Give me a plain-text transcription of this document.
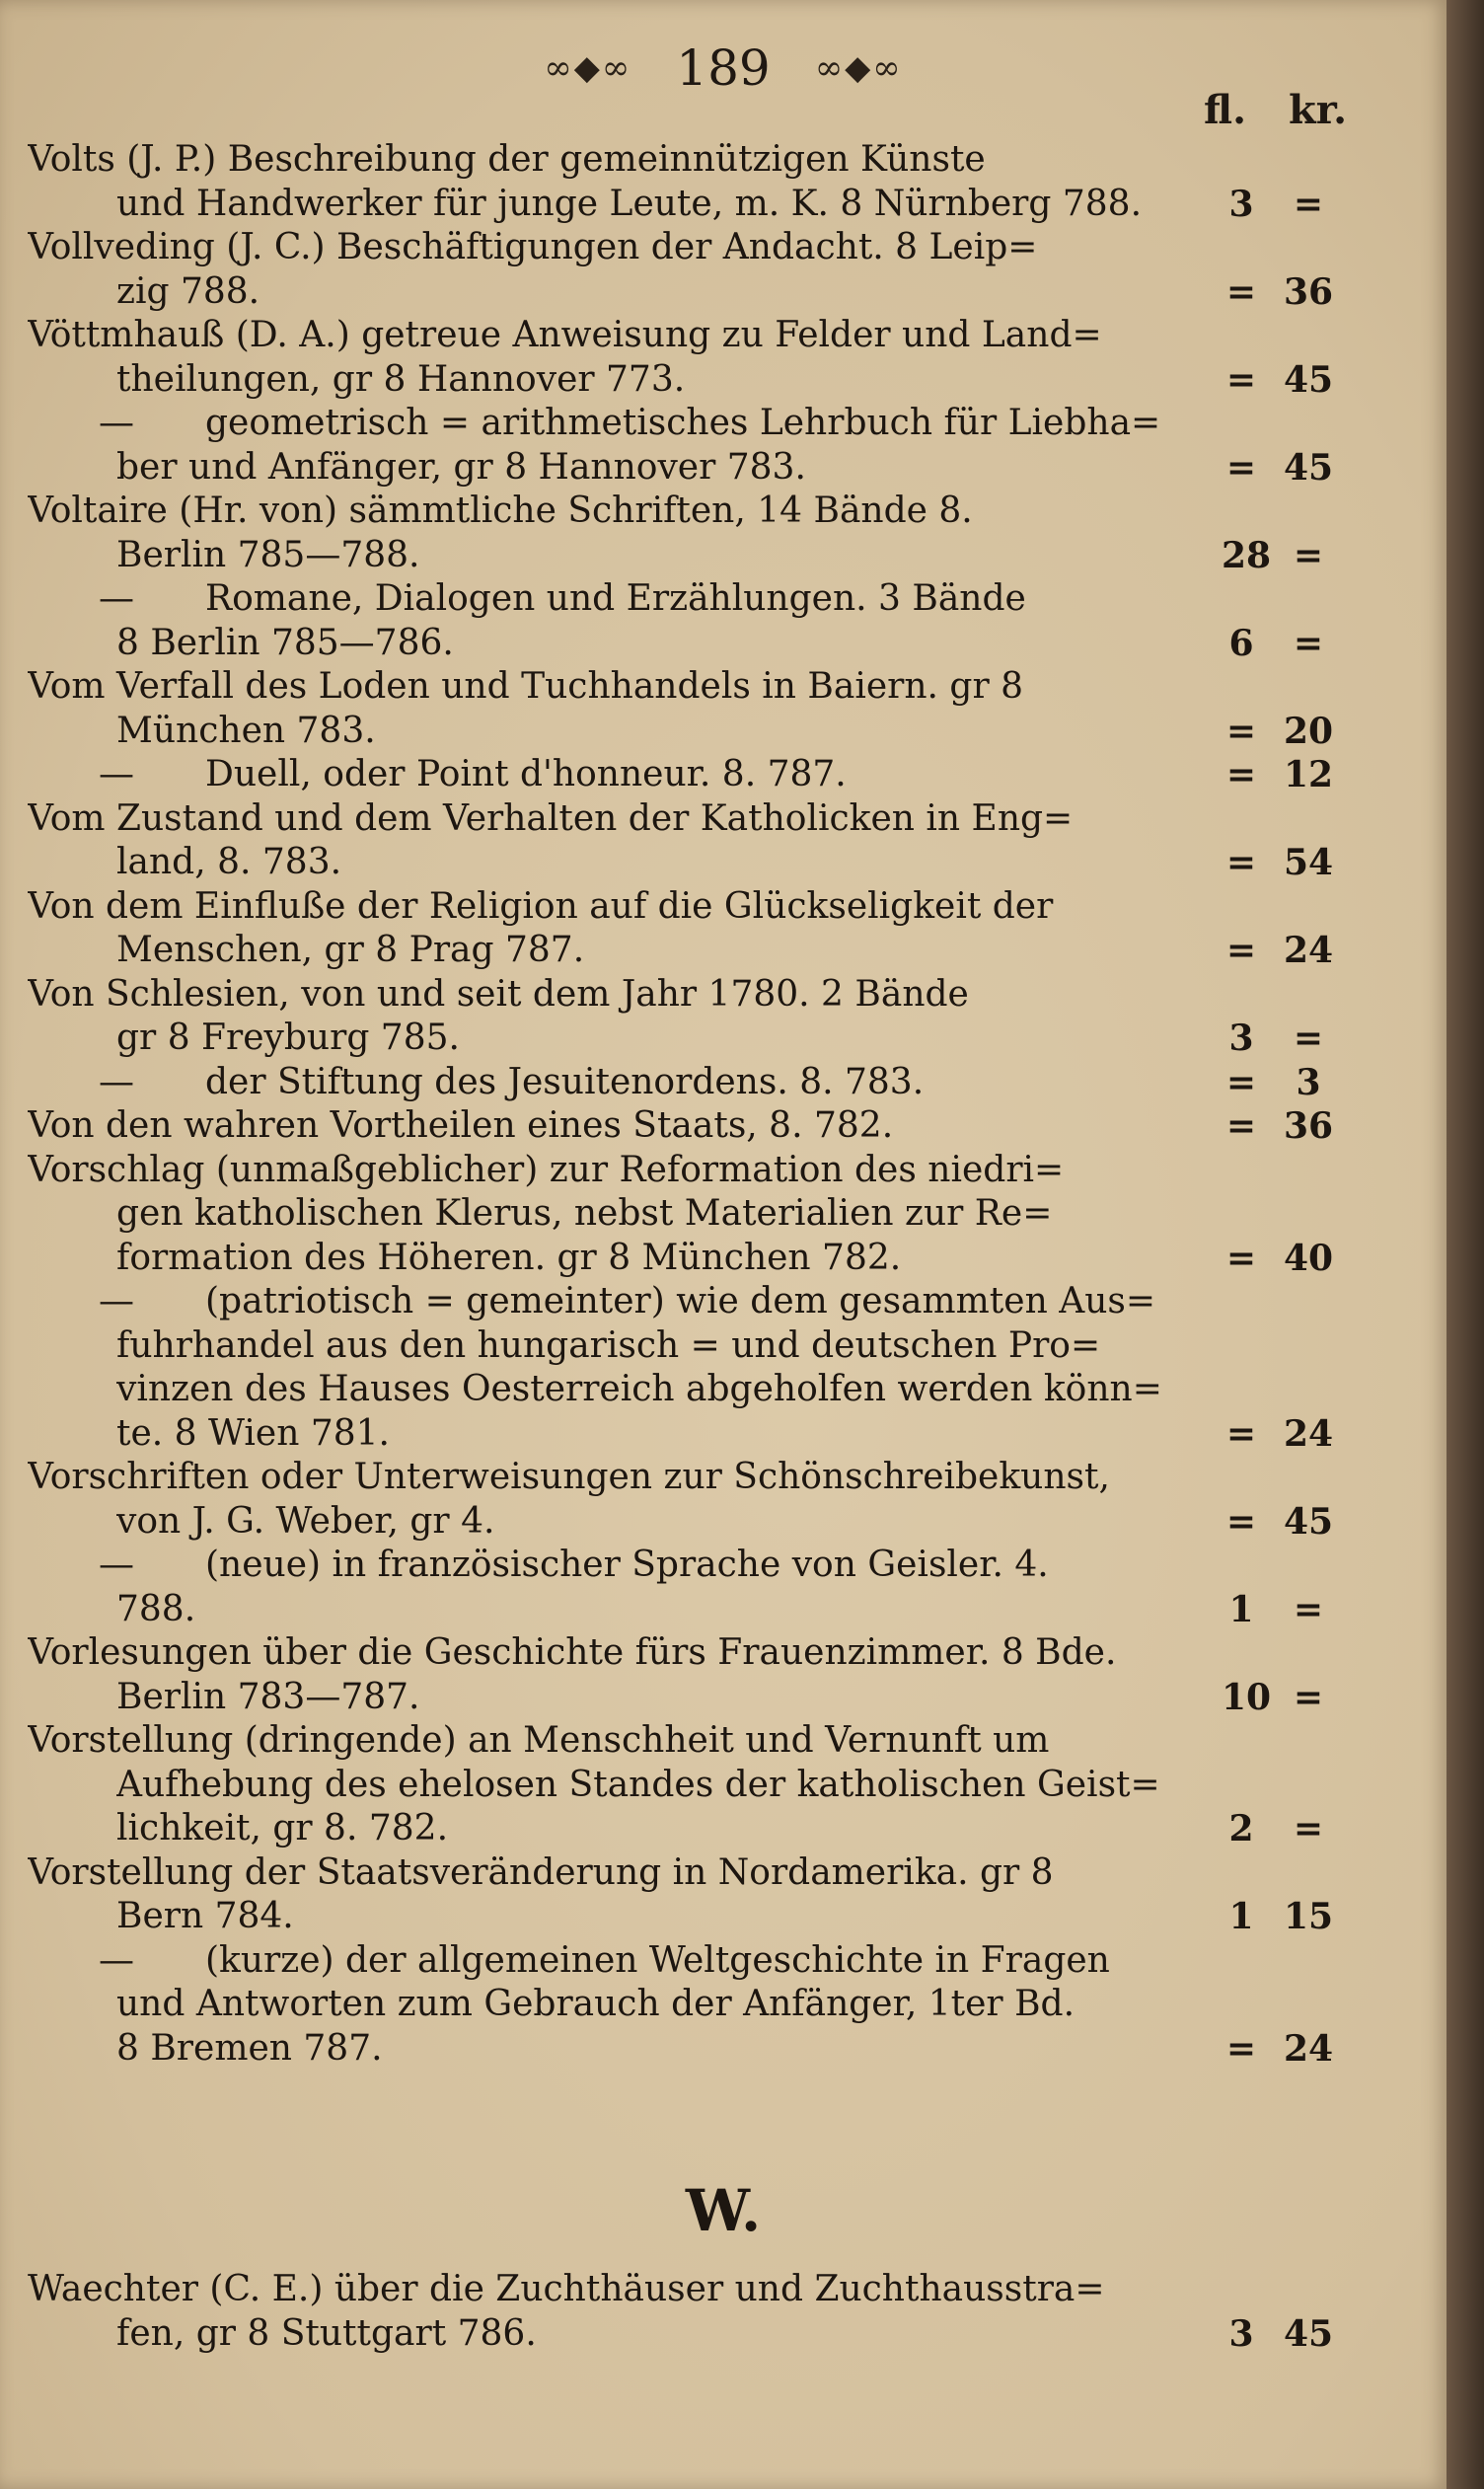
∞◆∞ 189 ∞◆∞
fl. kr.
Volts (J. P.) Beschreibung der gemeinnützigen Künste
und Handwerker für junge Leute, m. K. 8 Nürnberg 788.	3	=
Vollveding (J. C.) Beschäftigungen der Andacht. 8 Leip=
zig 788.	= 36
Vöttmhauß (D. A.) getreue Anweisung zu Felder und Land=
theilungen, gr 8 Hannover 773.	= 45
— geometrisch = arithmetisches Lehrbuch für Liebha=
ber und Anfänger, gr 8 Hannover 783.	= 45
Voltaire (Hr. von) sämmtliche Schriften, 14 Bände 8.
Berlin 785—788.	28 =
— Romane, Dialogen und Erzählungen. 3 Bände
8 Berlin 785—786.	6	=
Vom Verfall des Loden und Tuchhandels in Baiern. gr 8
München 783.	= 20
— Duell, oder Point d'honneur. 8. 787.	= 12
Vom Zustand und dem Verhalten der Katholicken in Eng=
land, 8. 783.	= 54
Von dem Einfluße der Religion auf die Glückseligkeit der
Menschen, gr 8 Prag 787.	= 24
Von Schlesien, von und seit dem Jahr 1780. 2 Bände
gr 8 Freyburg 785.	3	=
— der Stiftung des Jesuitenordens. 8. 783.	=	3
Von den wahren Vortheilen eines Staats, 8. 782.	= 36
Vorschlag (unmaßgeblicher) zur Reformation des niedri=
gen katholischen Klerus, nebst Materialien zur Re=
formation des Höheren. gr 8 München 782.	= 40
— (patriotisch = gemeinter) wie dem gesammten Aus=
fuhrhandel aus den hungarisch = und deutschen Pro=
vinzen des Hauses Oesterreich abgeholfen werden könn=
te. 8 Wien 781.	= 24
Vorschriften oder Unterweisungen zur Schönschreibekunst,
von J. G. Weber, gr 4.	= 45
— (neue) in französischer Sprache von Geisler. 4.
788.	1	=
Vorlesungen über die Geschichte fürs Frauenzimmer. 8 Bde.
Berlin 783—787.	10 =
Vorstellung (dringende) an Menschheit und Vernunft um
Aufhebung des ehelosen Standes der katholischen Geist=
lichkeit, gr 8. 782.	2	=
Vorstellung der Staatsveränderung in Nordamerika. gr 8
Bern 784.	1 15
— (kurze) der allgemeinen Weltgeschichte in Fragen
und Antworten zum Gebrauch der Anfänger, 1ter Bd.
8 Bremen 787.	= 24
W.
Waechter (C. E.) über die Zuchthäuser und Zuchthausstra=
fen, gr 8 Stuttgart 786.	3 45
